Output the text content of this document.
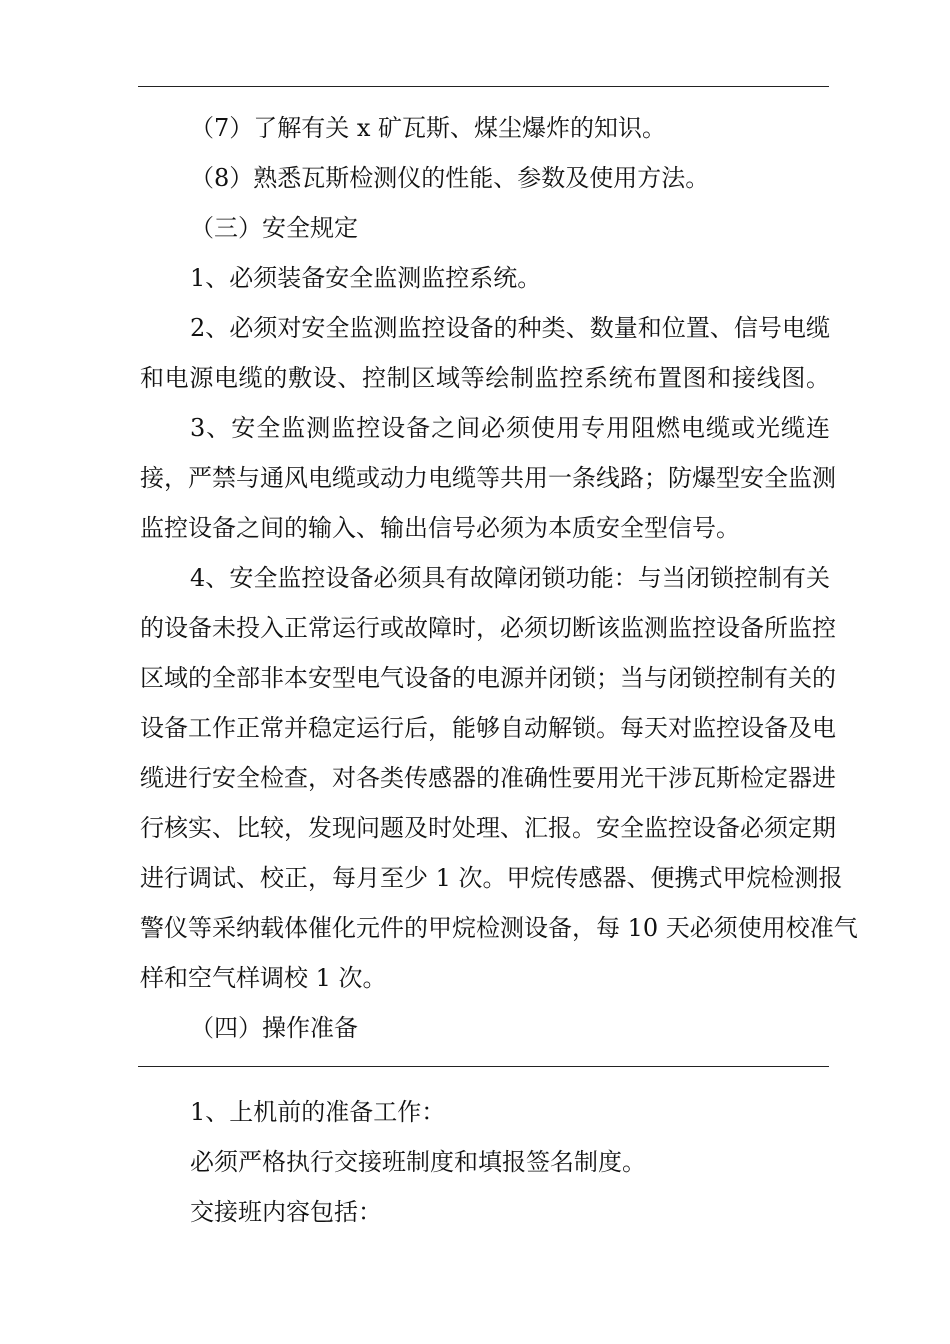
（7）了解有关 x 矿瓦斯、煤尘爆炸的知识。
（8）熟悉瓦斯检测仪的性能、参数及使用方法。
（三）安全规定
1、必须装备安全监测监控系统。
2、必须对安全监测监控设备的种类、数量和位置、信号电缆
和电源电缆的敷设、控制区域等绘制监控系统布置图和接线图。
3、安全监测监控设备之间必须使用专用阻燃电缆或光缆连
接，严禁与通风电缆或动力电缆等共用一条线路；防爆型安全监测
监控设备之间的输入、输出信号必须为本质安全型信号。
4、安全监控设备必须具有故障闭锁功能：与当闭锁控制有关
的设备未投入正常运行或故障时，必须切断该监测监控设备所监控
区域的全部非本安型电气设备的电源并闭锁；当与闭锁控制有关的
设备工作正常并稳定运行后，能够自动解锁。每天对监控设备及电
缆进行安全检查，对各类传感器的准确性要用光干涉瓦斯检定器进
行核实、比较，发现问题及时处理、汇报。安全监控设备必须定期
进行调试、校正，每月至少 1 次。甲烷传感器、便携式甲烷检测报
警仪等采纳载体催化元件的甲烷检测设备，每 10 天必须使用校准气
样和空气样调校 1 次。
（四）操作准备
1、上机前的准备工作：
必须严格执行交接班制度和填报签名制度。
交接班内容包括：
